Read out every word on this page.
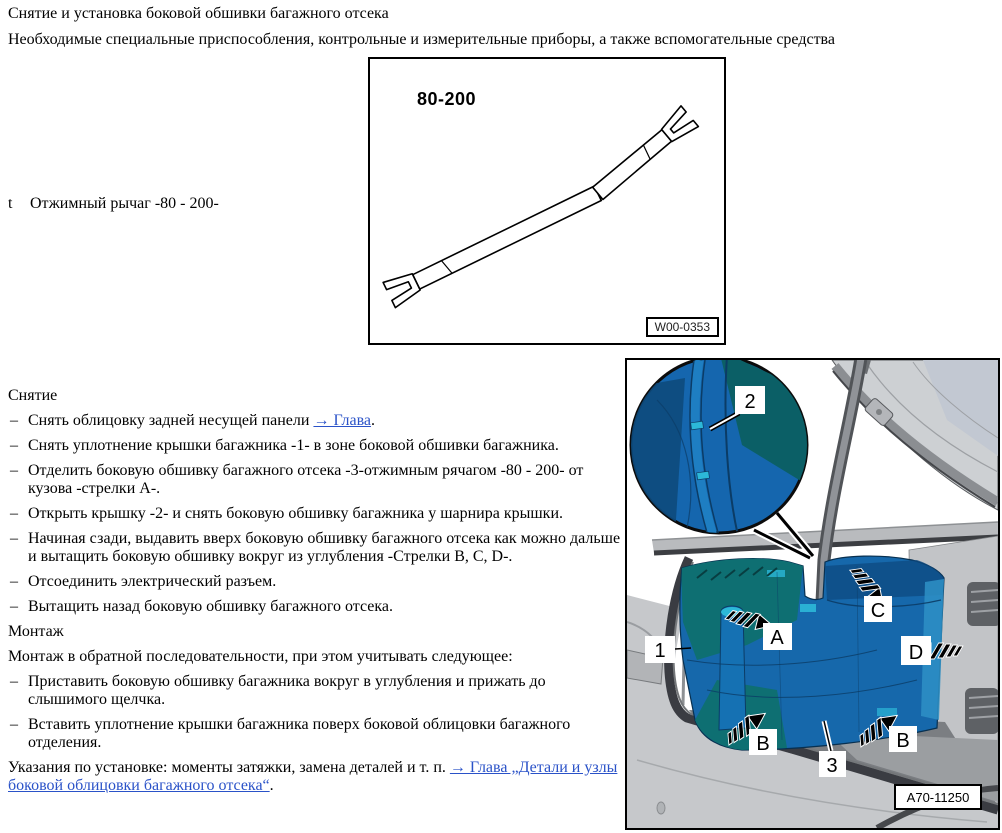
Снятие и установка боковой обшивки багажного отсека
Необходимые специальные приспособления, контрольные и измерительные приборы, а также вспомогательные средства
80-200
W00-0353
t Отжимный рычаг -80 - 200-
Снятие
– Снять облицовку задней несущей панели → Глава.
– Снять уплотнение крышки багажника -1- в зоне боковой обшивки багажника.
– Отделить боковую обшивку багажного отсека -3-отжимным рячагом -80 - 200- от кузова -стрелки А-.
– Открыть крышку -2- и снять боковую обшивку багажника у шарнира крышки.
– Начиная сзади, выдавить вверх боковую обшивку багажного отсека как можно дальше и вытащить боковую обшивку вокруг из углубления -Стрелки B, C, D-.
– Отсоединить электрический разъем.
– Вытащить назад боковую обшивку багажного отсека.
Монтаж

Монтаж в обратной последовательности, при этом учитывать следующее:

– Приставить боковую обшивку багажника вокруг в углубления и прижать до слышимого щелчка.
– Вставить уплотнение крышки багажника поверх боковой облицовки багажного отделения.

Указания по установке: моменты затяжки, замена деталей и т. п. → Глава „Детали и узлы боковой облицовки багажного отсека“.

2
1
3
A
B	B
C
D
A70-11250
